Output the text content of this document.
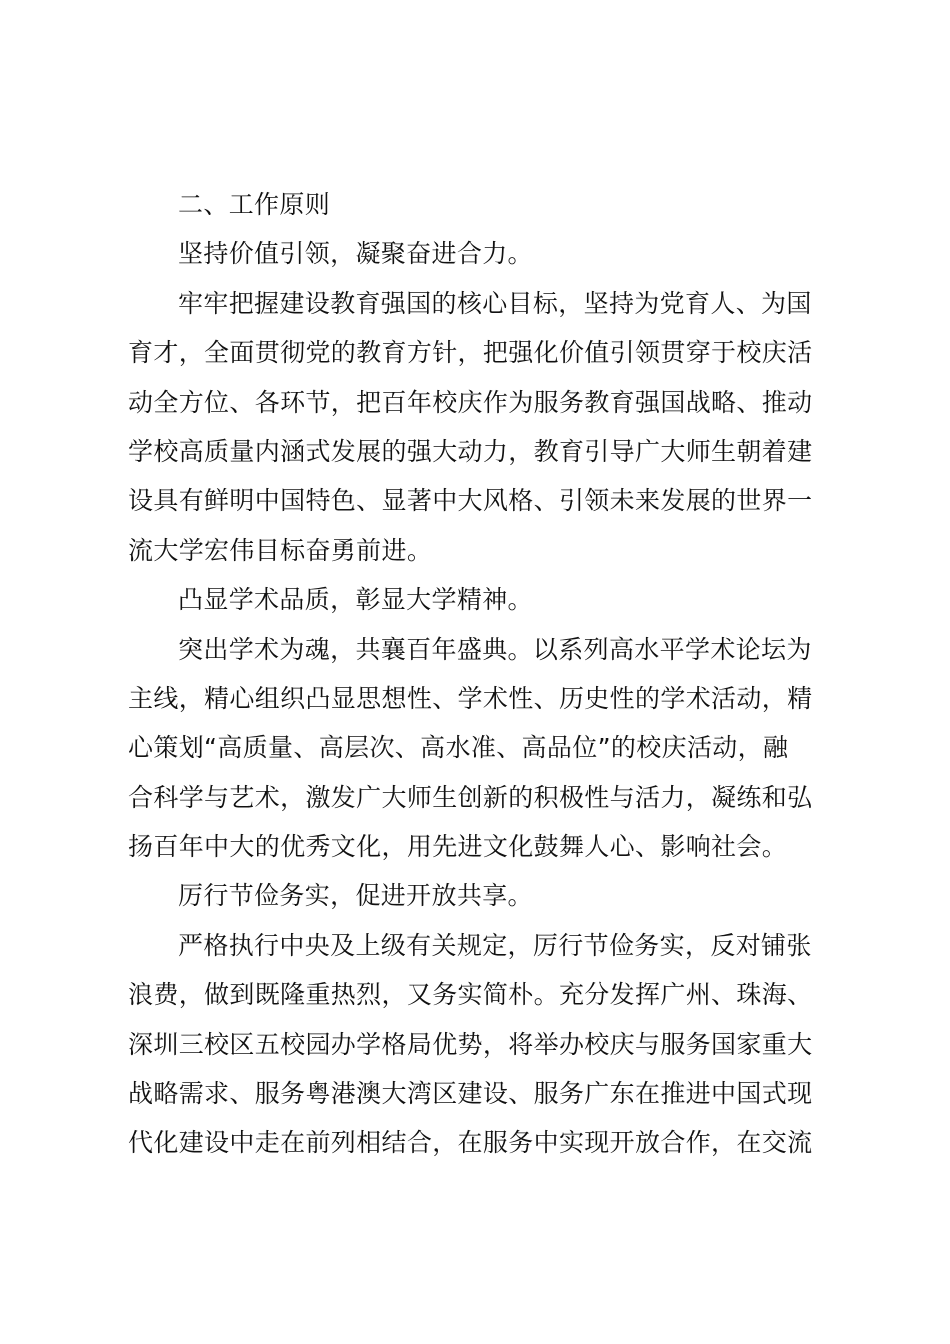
二、工作原则
坚持价值引领，凝聚奋进合力。
牢牢把握建设教育强国的核心目标，坚持为党育人、为国
育才，全面贯彻党的教育方针，把强化价值引领贯穿于校庆活
动全方位、各环节，把百年校庆作为服务教育强国战略、推动
学校高质量内涵式发展的强大动力，教育引导广大师生朝着建
设具有鲜明中国特色、显著中大风格、引领未来发展的世界一
流大学宏伟目标奋勇前进。
凸显学术品质，彰显大学精神。
突出学术为魂，共襄百年盛典。以系列高水平学术论坛为
主线，精心组织凸显思想性、学术性、历史性的学术活动，精
心策划“高质量、高层次、高水准、高品位”的校庆活动，融
合科学与艺术，激发广大师生创新的积极性与活力，凝练和弘
扬百年中大的优秀文化，用先进文化鼓舞人心、影响社会。
厉行节俭务实，促进开放共享。
严格执行中央及上级有关规定，厉行节俭务实，反对铺张
浪费，做到既隆重热烈，又务实简朴。充分发挥广州、珠海、
深圳三校区五校园办学格局优势，将举办校庆与服务国家重大
战略需求、服务粤港澳大湾区建设、服务广东在推进中国式现
代化建设中走在前列相结合，在服务中实现开放合作，在交流
